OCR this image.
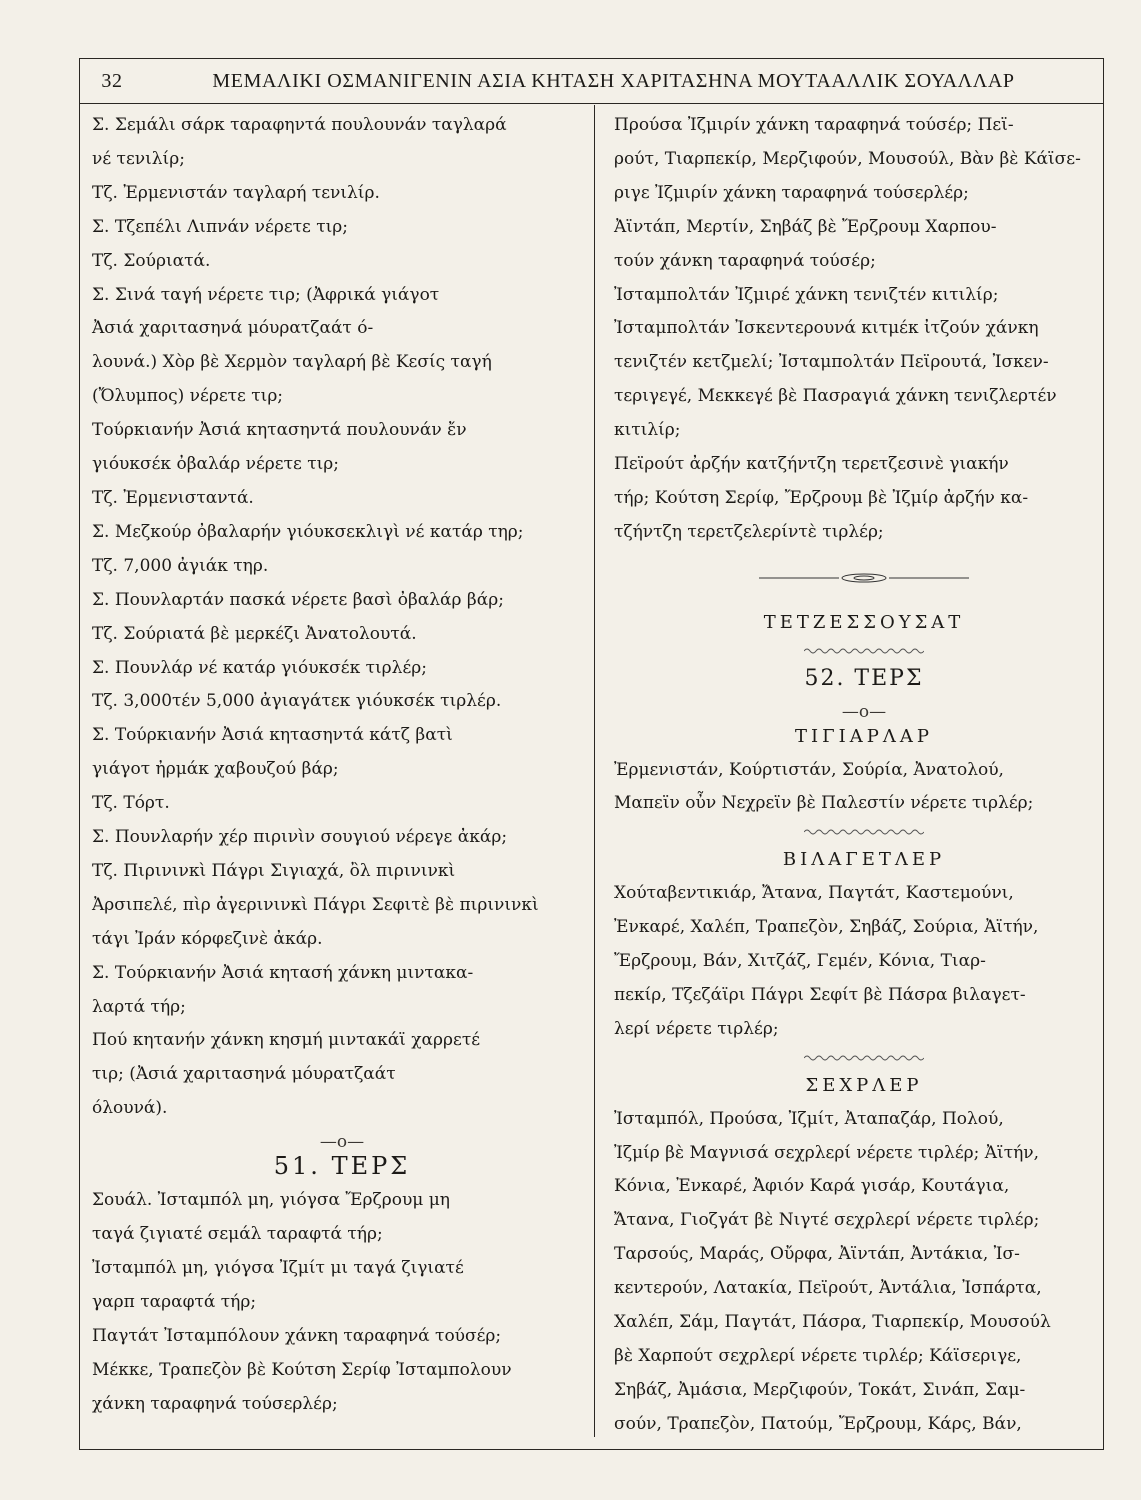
32	ΜΕΜΑΛΙΚΙ ΟΣΜΑΝΙΓΕΝΙΝ ΑΣΙΑ ΚΗΤΑΣΗ ΧΑΡΙΤΑΣΗΝΑ ΜΟΥΤΑΑΛΛΙΚ ΣΟΥΑΛΛΑΡ

Σ. Σεμάλι σάρκ ταραφηντά πουλουνάν ταγλαρά

νέ τενιλίρ;

Τζ. Ἐρμενιστάν ταγλαρή τενιλίρ.

Σ. Τζεπέλι Λιπνάν νέρετε τιρ;

Τζ. Σούριατά.

Σ. Σινά ταγή νέρετε τιρ; (Ἀφρικά γιάγοτ

Ἀσιά χαριτασηνά μόυρατζαάτ ό-

λουνά.) Χὸρ βὲ Χερμὸν ταγλαρή βὲ Κεσίς ταγή

(Ὄλυμπος) νέρετε τιρ;

Τούρκιανήν Ἀσιά κητασηντά πουλουνάν ἔν

γιόυκσέκ ὀβαλάρ νέρετε τιρ;

Τζ. Ἐρμενισταντά.

Σ. Μεζκούρ ὀβαλαρήν γιόυκσεκλιγὶ νέ κατάρ τηρ;

Τζ. 7,000 ἀγιάκ τηρ.

Σ. Πουνλαρτάν πασκά νέρετε βασὶ ὀβαλάρ βάρ;

Τζ. Σούριατά βὲ μερκέζι Ἀνατολουτά.

Σ. Πουνλάρ νέ κατάρ γιόυκσέκ τιρλέρ;

Τζ. 3,000τέν 5,000 ἀγιαγάτεκ γιόυκσέκ τιρλέρ.

Σ. Τούρκιανήν Ἀσιά κητασηντά κάτζ βατὶ

γιάγοτ ἠρμάκ χαβουζού βάρ;

Τζ. Τόρτ.

Σ. Πουνλαρήν χέρ πιρινὶν σουγιού νέρεγε ἀκάρ;

Τζ. Πιρινινκὶ Πάγρι Σιγιαχά, ὂλ πιρινινκὶ

Ἀρσιπελέ, πὶρ ἀγερινινκὶ Πάγρι Σεφιτὲ βὲ πιρινινκὶ

τάγι Ἰράν κόρφεζινὲ ἀκάρ.

Σ. Τούρκιανήν Ἀσιά κητασή χάνκη μιντακα-

λαρτά τήρ;

Πού κητανήν χάνκη κησμή μιντακάϊ χαρρετέ

τιρ; (Ἀσιά χαριτασηνά μόυρατζαάτ

όλουνά).

—o—

51. ΤΕΡΣ

Σουάλ. Ἰσταμπόλ μη, γιόγσα Ἔρζρουμ μη

ταγά ζιγιατέ σεμάλ ταραφτά τήρ;

Ἰσταμπόλ μη, γιόγσα Ἰζμίτ μι ταγά ζιγιατέ

γαρπ ταραφτά τήρ;

Παγτάτ Ἰσταμπόλουν χάνκη ταραφηνά τούσέρ;

Μέκκε, Τραπεζὸν βὲ Κούτση Σερίφ Ἰσταμπολουν

χάνκη ταραφηνά τούσερλέρ;

Προύσα Ἰζμιρίν χάνκη ταραφηνά τούσέρ; Πεϊ-

ρούτ, Τιαρπεκίρ, Μερζιφούν, Μουσούλ, Βὰν βὲ Κάϊσε-

ριγε Ἰζμιρίν χάνκη ταραφηνά τούσερλέρ;

Ἀϊντάπ, Μερτίν, Σηβάζ βὲ Ἔρζρουμ Χαρπου-

τούν χάνκη ταραφηνά τούσέρ;

Ἰσταμπολτάν Ἰζμιρέ χάνκη τενιζτέν κιτιλίρ;

Ἰσταμπολτάν Ἰσκεντερουνά κιτμέκ ἰτζούν χάνκη

τενιζτέν κετζμελί; Ἰσταμπολτάν Πεϊρουτά, Ἰσκεν-

τεριγεγέ, Μεκκεγέ βὲ Πασραγιά χάνκη τενιζλερτέν

κιτιλίρ;

Πεϊρούτ ἀρζήν κατζήντζη τερετζεσινὲ γιακήν

τήρ; Κούτση Σερίφ, Ἔρζρουμ βὲ Ἰζμίρ ἀρζήν κα-

τζήντζη τερετζελερίντὲ τιρλέρ;

ΤΕΤΖΕΣΣΟΥΣΑΤ

52. ΤΕΡΣ

—o—

ΤΙΓΙΑΡΛΑΡ

Ἐρμενιστάν, Κούρτιστάν, Σούρία, Ἀνατολού,

Μαπεϊν οὖν Νεχρεϊν βὲ Παλεστίν νέρετε τιρλέρ;

ΒΙΛΑΓΕΤΛΕΡ

Χούταβεντικιάρ, Ἄτανα, Παγτάτ, Καστεμούνι,

Ἐνκαρέ, Χαλέπ, Τραπεζὸν, Σηβάζ, Σούρια, Ἀϊτήν,

Ἔρζρουμ, Βάν, Χιτζάζ, Γεμέν, Κόνια, Τιαρ-

πεκίρ, Τζεζάϊρι Πάγρι Σεφίτ βὲ Πάσρα βιλαγετ-

λερί νέρετε τιρλέρ;

ΣΕΧΡΛΕΡ

Ἰσταμπόλ, Προύσα, Ἰζμίτ, Ἀταπαζάρ, Πολού,

Ἰζμίρ βὲ Μαγνισά σεχρλερί νέρετε τιρλέρ; Ἀϊτήν,

Κόνια, Ἐνκαρέ, Ἀφιόν Καρά γισάρ, Κουτάγια,

Ἄτανα, Γιοζγάτ βὲ Νιγτέ σεχρλερί νέρετε τιρλέρ;

Ταρσούς, Μαράς, Οὔρφα, Ἀϊντάπ, Ἀντάκια, Ἰσ-

κεντερούν, Λατακία, Πεϊρούτ, Ἀντάλια, Ἰσπάρτα,

Χαλέπ, Σάμ, Παγτάτ, Πάσρα, Τιαρπεκίρ, Μουσούλ

βὲ Χαρπούτ σεχρλερί νέρετε τιρλέρ; Κάϊσεριγε,

Σηβάζ, Ἀμάσια, Μερζιφούν, Τοκάτ, Σινάπ, Σαμ-

σούν, Τραπεζὸν, Πατούμ, Ἔρζρουμ, Κάρς, Βάν,
